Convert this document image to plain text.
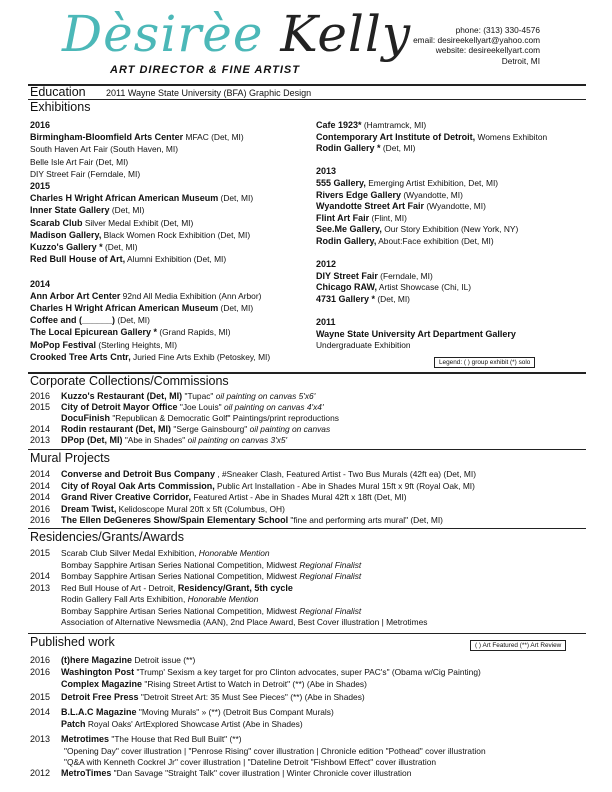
Dèsirèe Kelly
ART DIRECTOR & FINE ARTIST
phone: (313) 330-4576
email: desireekellyart@yahoo.com
website: desireekellyart.com
Detroit, MI
Education 2011 Wayne State University (BFA) Graphic Design
Exhibitions
2016
Birmingham-Bloomfield Arts Center MFAC (Det, MI)
South Haven Art Fair (South Haven, MI)
Belle Isle Art Fair (Det, MI)
DIY Street Fair (Ferndale, MI)
2015
Charles H Wright African American Museum (Det, MI)
Inner State Gallery (Det, MI)
Scarab Club Silver Medal Exhibit (Det, MI)
Madison Gallery, Black Women Rock Exhibition (Det, MI)
Kuzzo's Gallery * (Det, MI)
Red Bull House of Art, Alumni Exhibition (Det, MI)
2014
Ann Arbor Art Center 92nd All Media Exhibition (Ann Arbor)
Charles H Wright African American Museum (Det, MI)
Coffee and (______) (Det, MI)
The Local Epicurean Gallery * (Grand Rapids, MI)
MoPop Festival (Sterling Heights, MI)
Crooked Tree Arts Cntr, Juried Fine Arts Exhib (Petoskey, MI)
Cafe 1923* (Hamtramck, MI)
Contemporary Art Institute of Detroit, Womens Exhibiton
Rodin Gallery * (Det, MI)
2013
555 Gallery, Emerging Artist Exhibition, Det, MI)
Rivers Edge Gallery (Wyandotte, MI)
Wyandotte Street Art Fair (Wyandotte, MI)
Flint Art Fair (Flint, MI)
See.Me Gallery, Our Story Exhibition (New York, NY)
Rodin Gallery, About:Face exhibition (Det, MI)
2012
DIY Street Fair (Ferndale, MI)
Chicago RAW, Artist Showcase (Chi, IL)
4731 Gallery * (Det, MI)
2011
Wayne State University Art Department Gallery
Undergraduate Exhibition
Legend: ( ) group exhibit (*) solo
Corporate Collections/Commissions
2016 Kuzzo's Restaurant (Det, MI) "Tupac" oil painting on canvas 5'x6'
2015 City of Detroit Mayor Office "Joe Louis" oil painting on canvas 4'x4'
DocuFinish "Republican & Democratic Golf" Paintings/print reproductions
2014 Rodin restaurant (Det, MI) "Serge Gainsbourg" oil painting on canvas
2013 DPop (Det, MI) "Abe in Shades" oil painting on canvas 3'x5'
Mural Projects
2014 Converse and Detroit Bus Company , #Sneaker Clash, Featured Artist - Two Bus Murals (42ft ea) (Det, MI)
2014 City of Royal Oak Arts Commission, Public Art Installation - Abe in Shades Mural 15ft x 9ft (Royal Oak, MI)
2014 Grand River Creative Corridor, Featured Artist - Abe in Shades Mural 42ft x 18ft (Det, MI)
2016 Dream Twist, Kelidoscope Mural 20ft x 5ft (Columbus, OH)
2016 The Ellen DeGeneres Show/Spain Elementary School "fine and performing arts mural" (Det, MI)
Residencies/Grants/Awards
2015 Scarab Club Silver Medal Exhibition, Honorable Mention
Bombay Sapphire Artisan Series National Competition, Midwest Regional Finalist
2014 Bombay Sapphire Artisan Series National Competition, Midwest Regional Finalist
2013 Red Bull House of Art - Detroit, Residency/Grant, 5th cycle
Rodin Gallery Fall Arts Exhibition, Honorable Mention
Bombay Sapphire Artisan Series National Competition, Midwest Regional Finalist
Association of Alternative Newsmedia (AAN), 2nd Place Award, Best Cover illustration | Metrotimes
Published work	( ) Art Featured (**) Art Review
2016 (t)here Magazine Detroit issue (**)
2016 Washington Post "Trump' Sexism a key target for pro Clinton advocates, super PAC's" (Obama w/Cig Painting)
Complex Magazine "Rising Street Artist to Watch in Detroit" (**) (Abe in Shades)
2015 Detroit Free Press "Detroit Street Art: 35 Must See Pieces" (**) (Abe in Shades)
2014 B.L.A.C Magazine "Moving Murals" » (**) (Detroit Bus Compant Murals)
Patch Royal Oaks' ArtExplored Showcase Artist (Abe in Shades)
2013 Metrotimes "The House that Red Bull Built" (**)
"Opening Day" cover illustration | "Penrose Rising" cover illustration | Chronicle edition "Pothead" cover illustration
"Q&A with Kenneth Cockrel Jr" cover illustration | "Dateline Detroit "Fishbowl Effect" cover illustration
2012 MetroTimes "Dan Savage "Straight Talk" cover illustration | Winter Chronicle cover illustration
